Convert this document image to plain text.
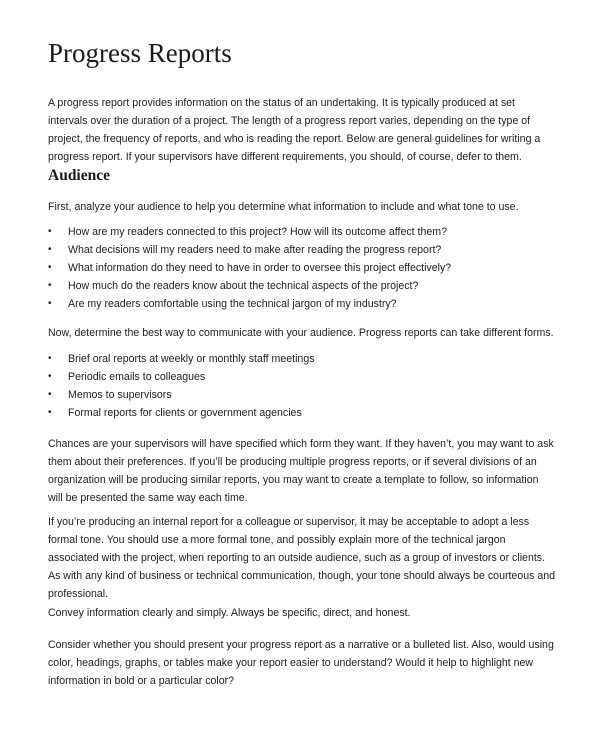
Progress Reports
A progress report provides information on the status of an undertaking. It is typically produced at set
intervals over the duration of a project. The length of a progress report varies, depending on the type of
project, the frequency of reports, and who is reading the report. Below are general guidelines for writing a
progress report. If your supervisors have different requirements, you should, of course, defer to them.
Audience
First, analyze your audience to help you determine what information to include and what tone to use.
• How are my readers connected to this project? How will its outcome affect them?
• What decisions will my readers need to make after reading the progress report?
• What information do they need to have in order to oversee this project effectively?
• How much do the readers know about the technical aspects of the project?
• Are my readers comfortable using the technical jargon of my industry?
Now, determine the best way to communicate with your audience. Progress reports can take different forms.
• Brief oral reports at weekly or monthly staff meetings
• Periodic emails to colleagues
• Memos to supervisors
• Formal reports for clients or government agencies
Chances are your supervisors will have specified which form they want. If they haven’t, you may want to ask
them about their preferences. If you’ll be producing multiple progress reports, or if several divisions of an
organization will be producing similar reports, you may want to create a template to follow, so information
will be presented the same way each time.
If you’re producing an internal report for a colleague or supervisor, it may be acceptable to adopt a less
formal tone. You should use a more formal tone, and possibly explain more of the technical jargon
associated with the project, when reporting to an outside audience, such as a group of investors or clients.
As with any kind of business or technical communication, though, your tone should always be courteous and
professional.
Convey information clearly and simply. Always be specific, direct, and honest.
Consider whether you should present your progress report as a narrative or a bulleted list. Also, would using
color, headings, graphs, or tables make your report easier to understand? Would it help to highlight new
information in bold or a particular color?
